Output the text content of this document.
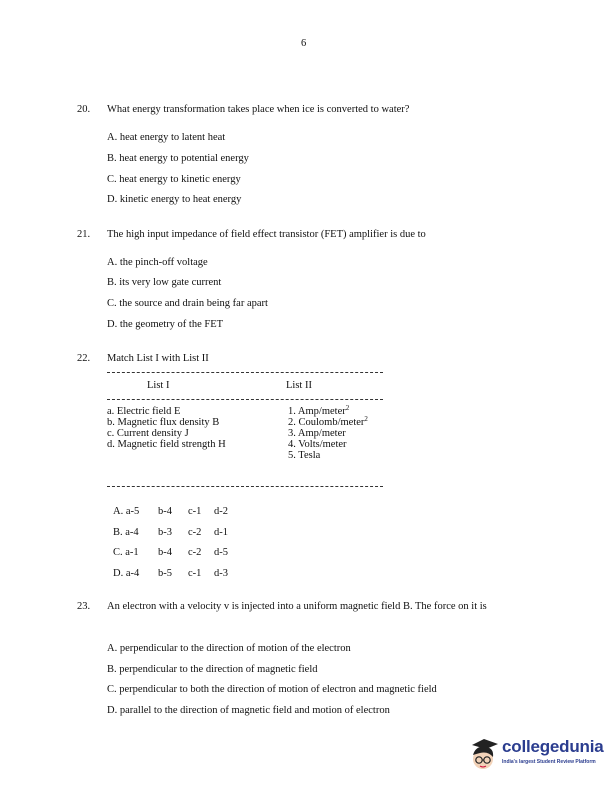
6
20. What energy transformation takes place when ice is converted to water?
A. heat energy to latent heat
B. heat energy to potential energy
C. heat energy to kinetic energy
D. kinetic energy to heat energy
21. The high input impedance of field effect transistor (FET) amplifier is due to
A. the pinch-off voltage
B. its very low gate current
C. the source and drain being far apart
D. the geometry of the FET
22. Match List I with List II
List I	List II
a. Electric field E
b. Magnetic flux density B
c. Current density J
d. Magnetic field strength H
1. Amp/meter$^2$
2. Coulomb/meter$^2$
3. Amp/meter
4. Volts/meter
5. Tesla
A. a-5 b-4 c-1 d-2
B. a-4 b-3 c-2 d-1
C. a-1 b-4 c-2 d-5
D. a-4 b-5 c-1 d-3
23. An electron with a velocity v is injected into a uniform magnetic field B. The force on it is
A. perpendicular to the direction of motion of the electron
B. perpendicular to the direction of magnetic field
C. perpendicular to both the direction of motion of electron and magnetic field
D. parallel to the direction of magnetic field and motion of electron
collegedunia
India's largest Student Review Platform
